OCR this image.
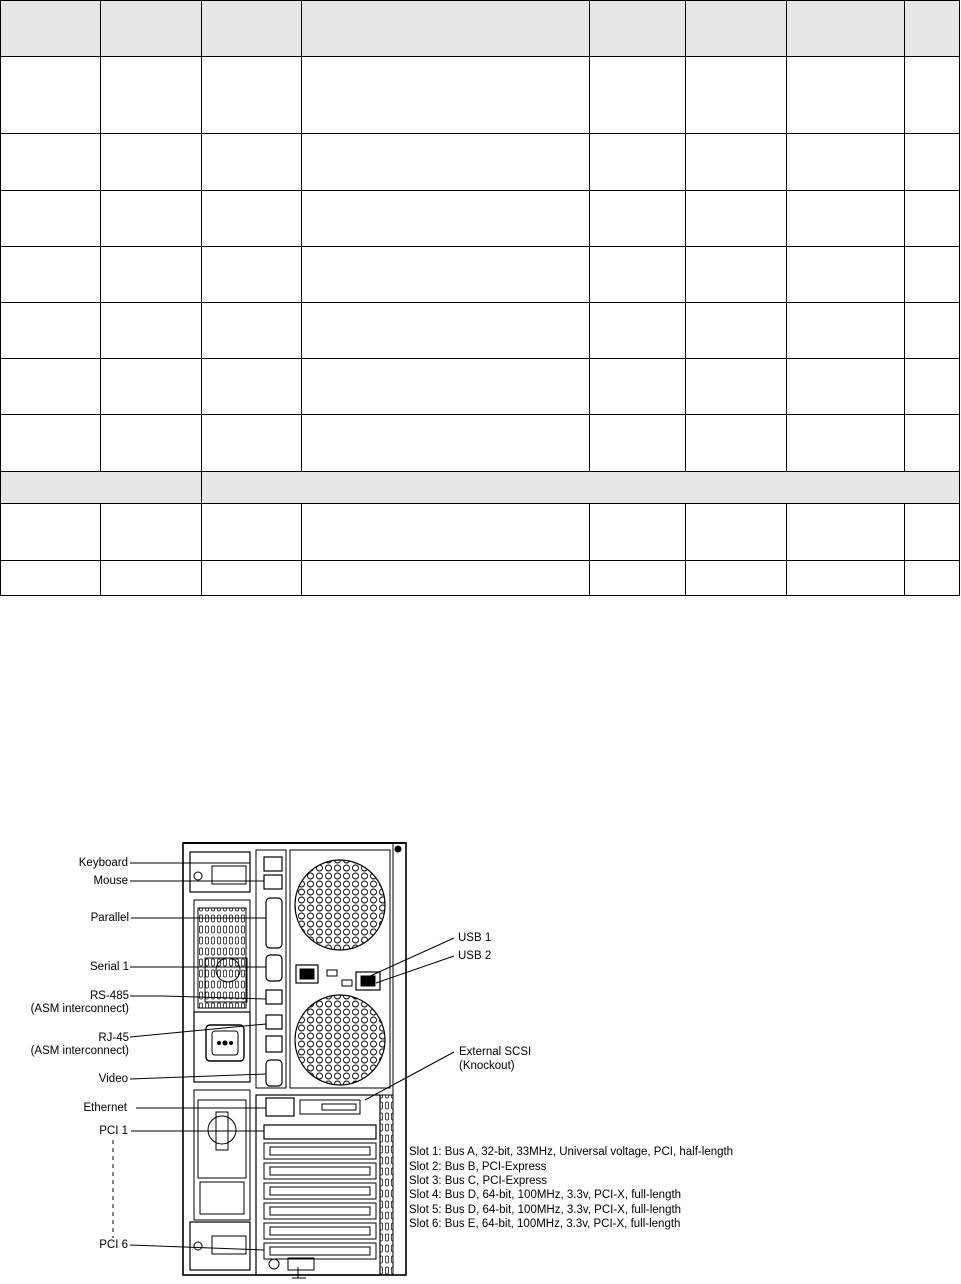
Keyboard
Mouse
Parallel
Serial 1
RS-485
(ASM interconnect)
RJ-45
(ASM interconnect)
Video
Ethernet
PCI 1
PCI 6
USB 1
USB 2
External SCSI
(Knockout)
Slot 1: Bus A, 32-bit, 33MHz, Universal voltage, PCI, half-length
Slot 2: Bus B, PCI-Express
Slot 3: Bus C, PCI-Express
Slot 4: Bus D, 64-bit, 100MHz, 3.3v, PCI-X, full-length
Slot 5: Bus D, 64-bit, 100MHz, 3.3v, PCI-X, full-length
Slot 6: Bus E, 64-bit, 100MHz, 3.3v, PCI-X, full-length
